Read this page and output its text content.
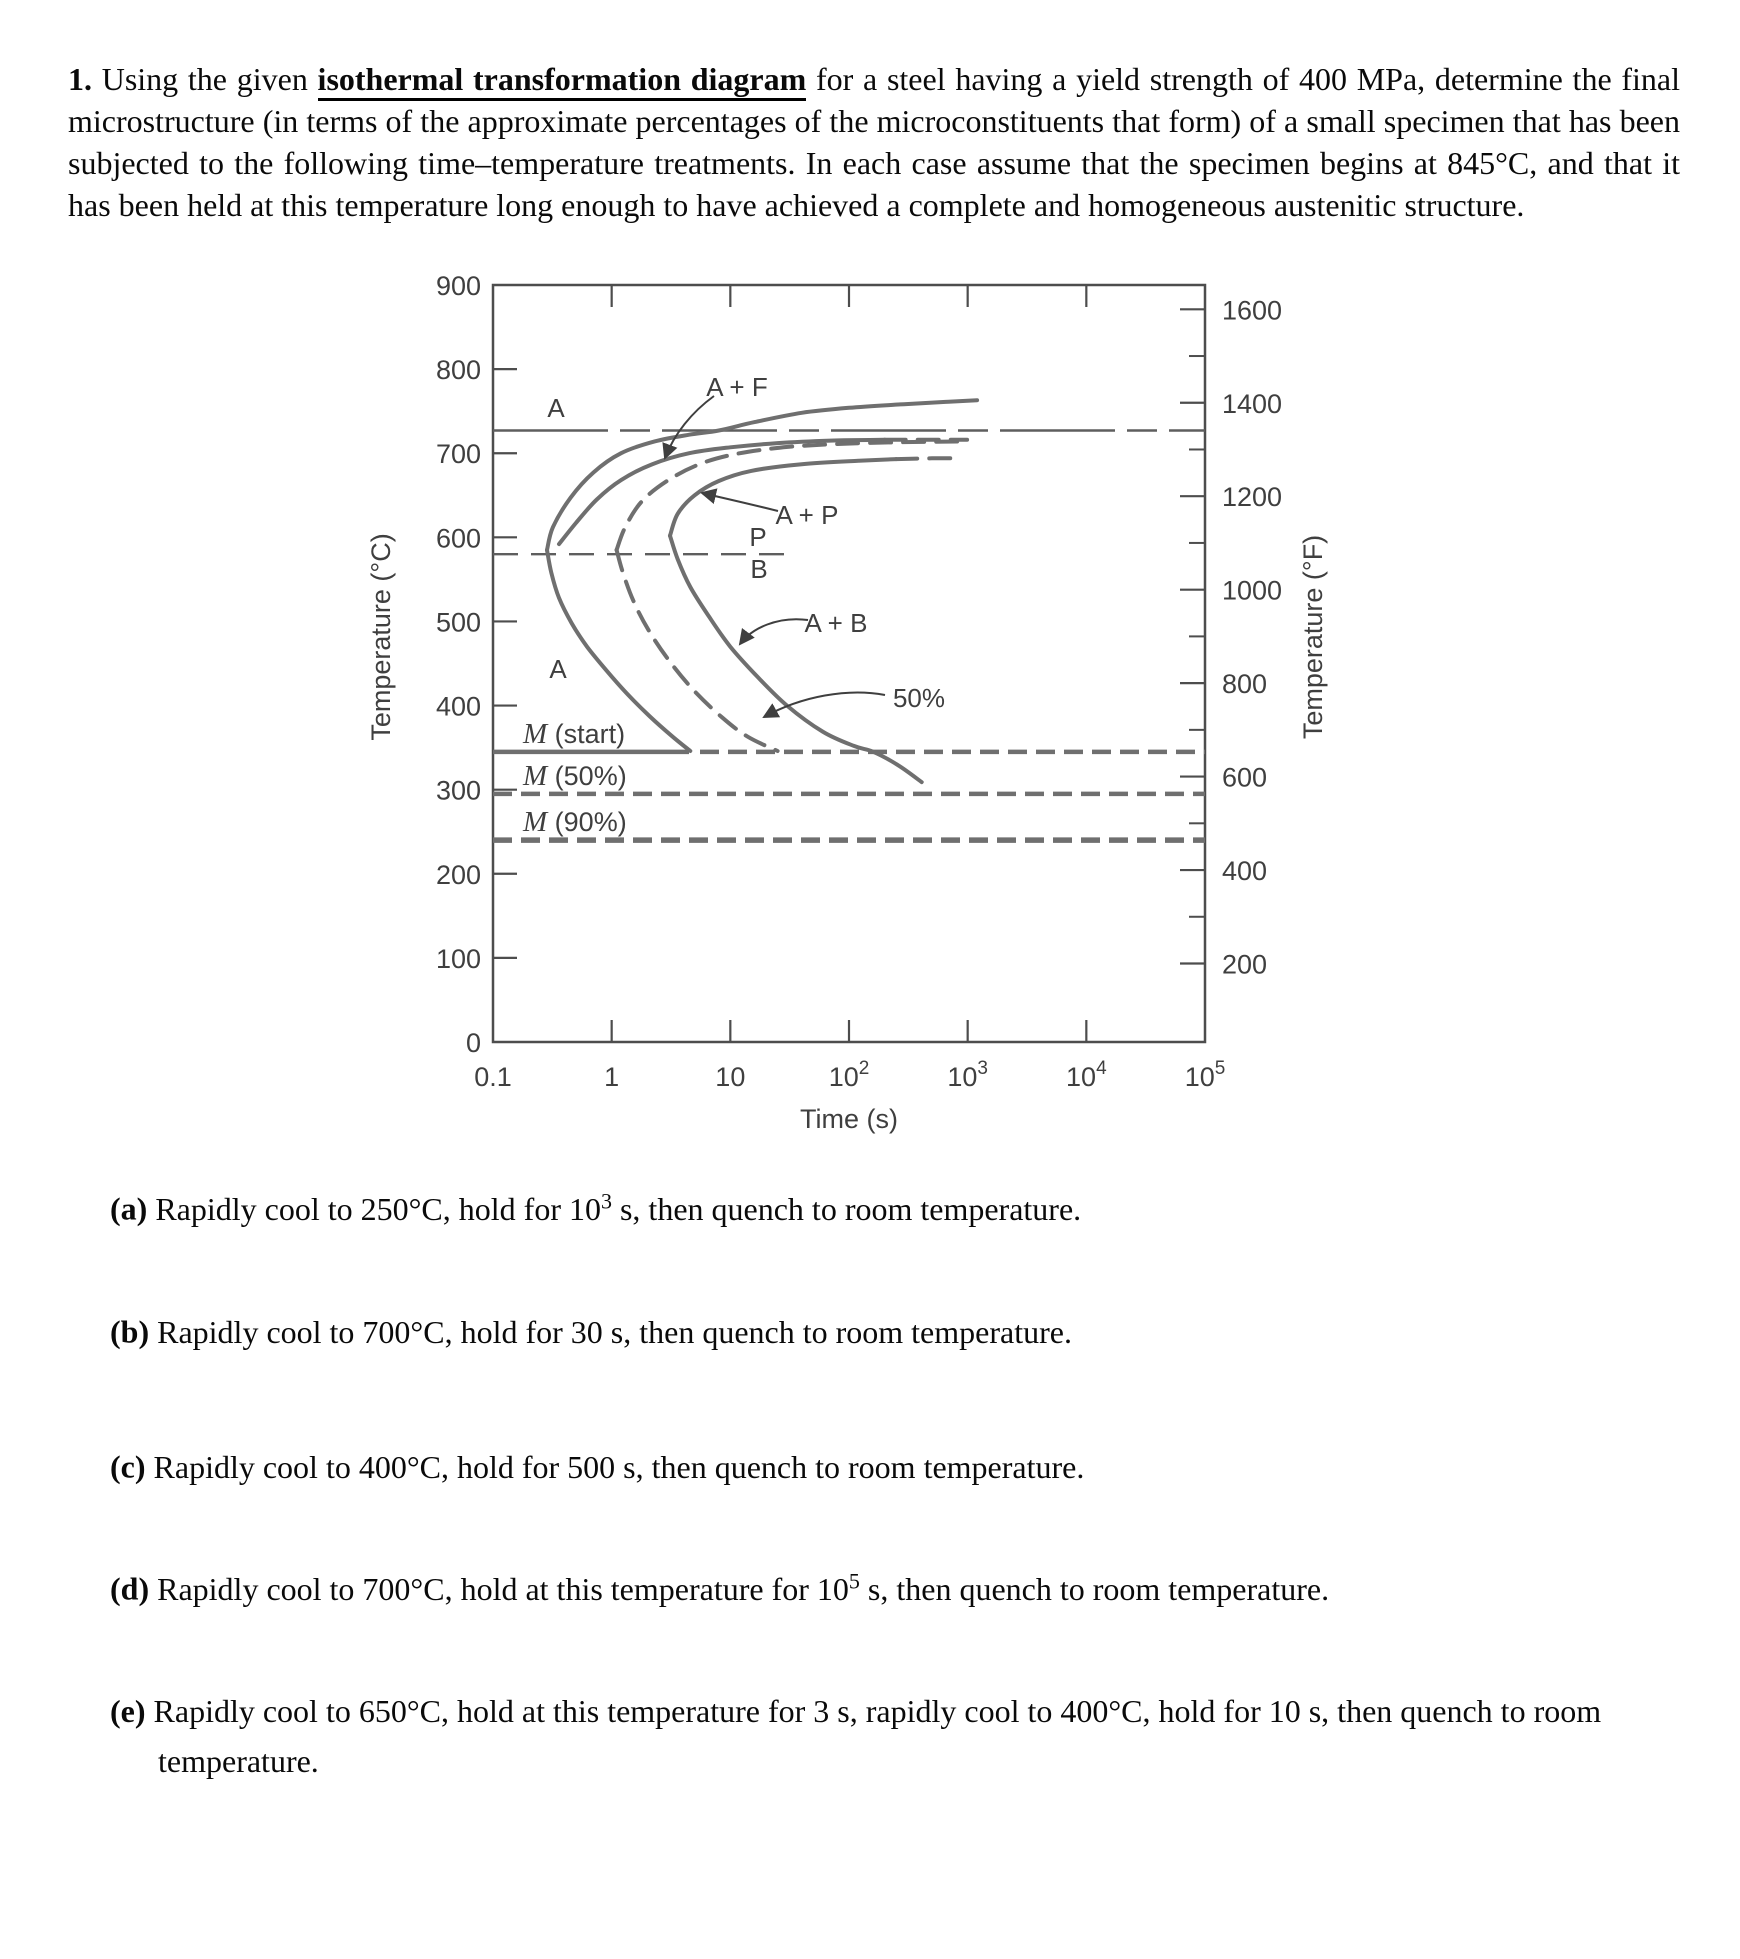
1. Using the given isothermal transformation diagram for a steel having a yield strength of 400 MPa, determine the final microstructure (in terms of the approximate percentages of the microconstituents that form) of a small specimen that has been subjected to the following time–temperature treatments. In each case assume that the specimen begins at 845°C, and that it has been held at this temperature long enough to have achieved a complete and homogeneous austenitic structure.

0.1	1	10	$10^2$	$10^3$	$10^4$	$10^5$
900
800
700
600
500
400
300
200
100
0
1600
1400
1200
1000
800
600
400
200
M (start)
M (50%)
M (90%)
A
A
A + F
A + P
P
B
A + B
50%
Time (s)
Temperature (°C)	Temperature (°F)
(a) Rapidly cool to 250°C, hold for $10^3$ s, then quench to room temperature.
(b) Rapidly cool to 700°C, hold for 30 s, then quench to room temperature.
(c) Rapidly cool to 400°C, hold for 500 s, then quench to room temperature.
(d) Rapidly cool to 700°C, hold at this temperature for $10^5$ s, then quench to room temperature.
(e) Rapidly cool to 650°C, hold at this temperature for 3 s, rapidly cool to 400°C, hold for 10 s, then quench to room temperature.
